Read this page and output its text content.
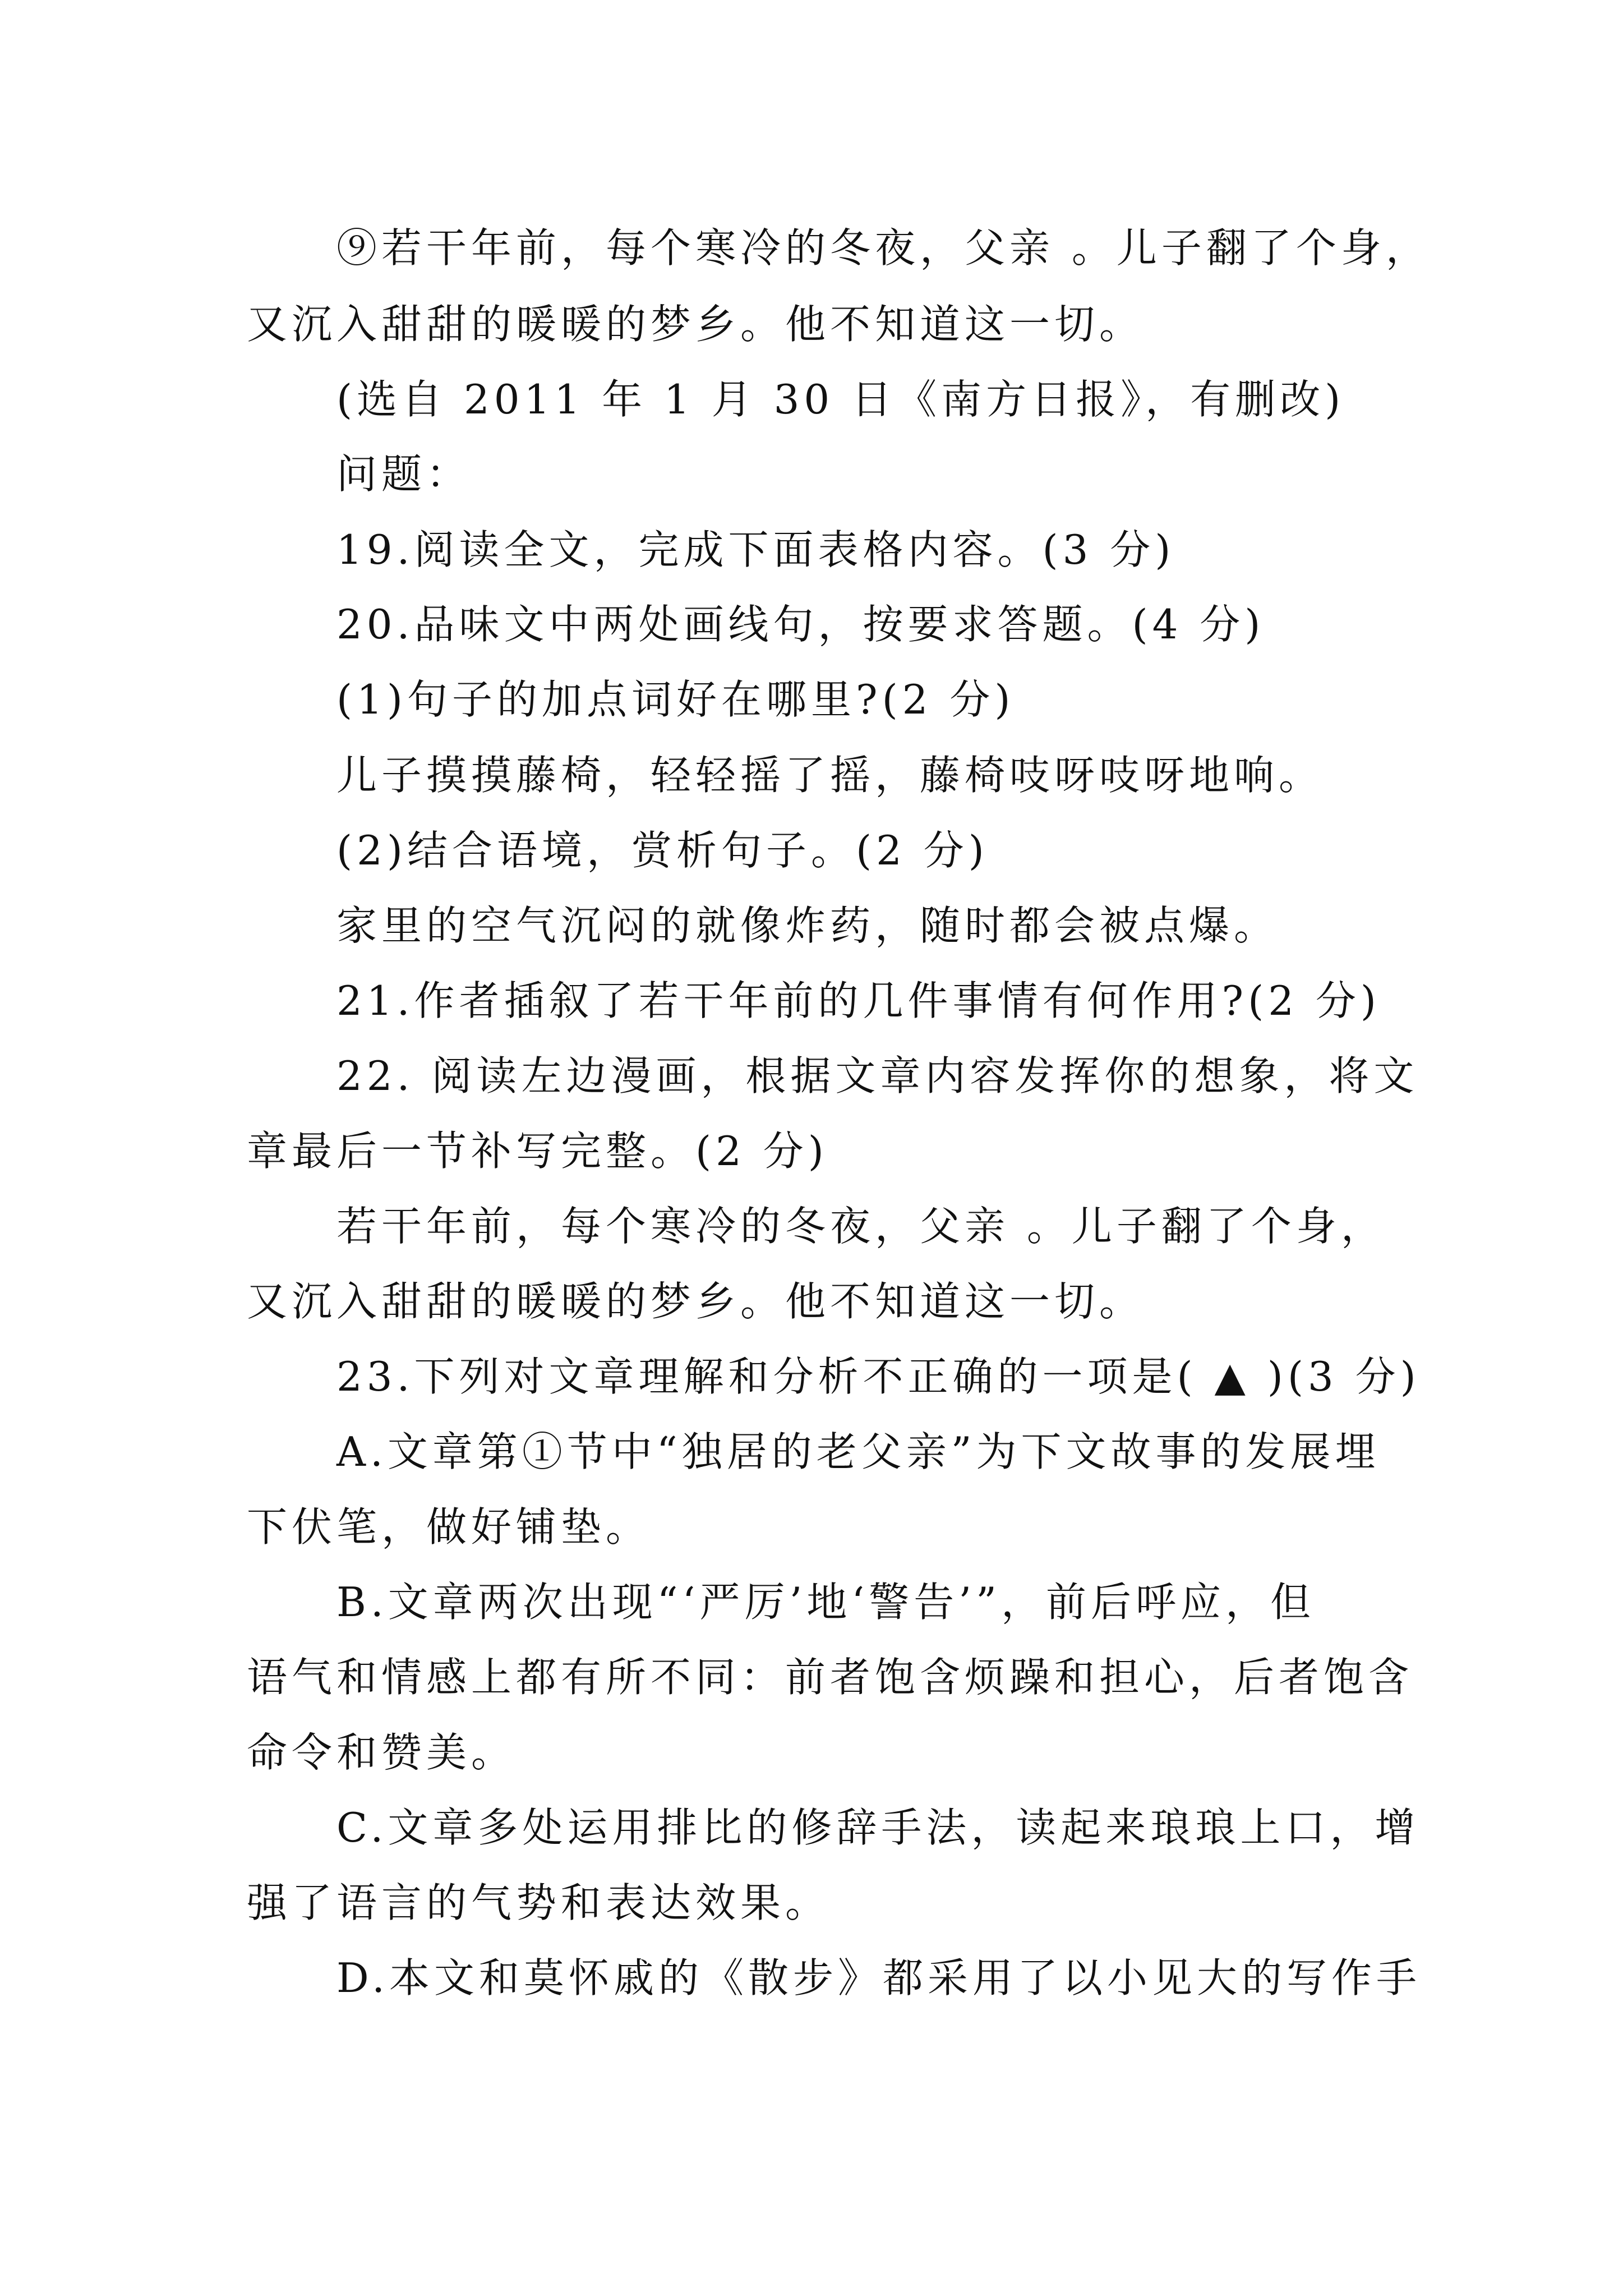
⑨若干年前，每个寒冷的冬夜，父亲 。儿子翻了个身，
又沉入甜甜的暖暖的梦乡。他不知道这一切。
(选自 2011 年 1 月 30 日《南方日报》，有删改)
问题：
19.阅读全文，完成下面表格内容。(3 分)
20.品味文中两处画线句，按要求答题。(4 分)
(1)句子的加点词好在哪里?(2 分)
儿子摸摸藤椅，轻轻摇了摇，藤椅吱呀吱呀地响。
(2)结合语境，赏析句子。(2 分)
家里的空气沉闷的就像炸药，随时都会被点爆。
21.作者插叙了若干年前的几件事情有何作用?(2 分)
22. 阅读左边漫画，根据文章内容发挥你的想象，将文
章最后一节补写完整。(2 分)
若干年前，每个寒冷的冬夜，父亲 。儿子翻了个身，
又沉入甜甜的暖暖的梦乡。他不知道这一切。
23.下列对文章理解和分析不正确的一项是( ▲ )(3 分)
A.文章第①节中“独居的老父亲”为下文故事的发展埋
下伏笔，做好铺垫。
B.文章两次出现“‘严厉’地‘警告’”，前后呼应，但
语气和情感上都有所不同：前者饱含烦躁和担心，后者饱含
命令和赞美。
C.文章多处运用排比的修辞手法，读起来琅琅上口，增
强了语言的气势和表达效果。
D.本文和莫怀戚的《散步》都采用了以小见大的写作手
